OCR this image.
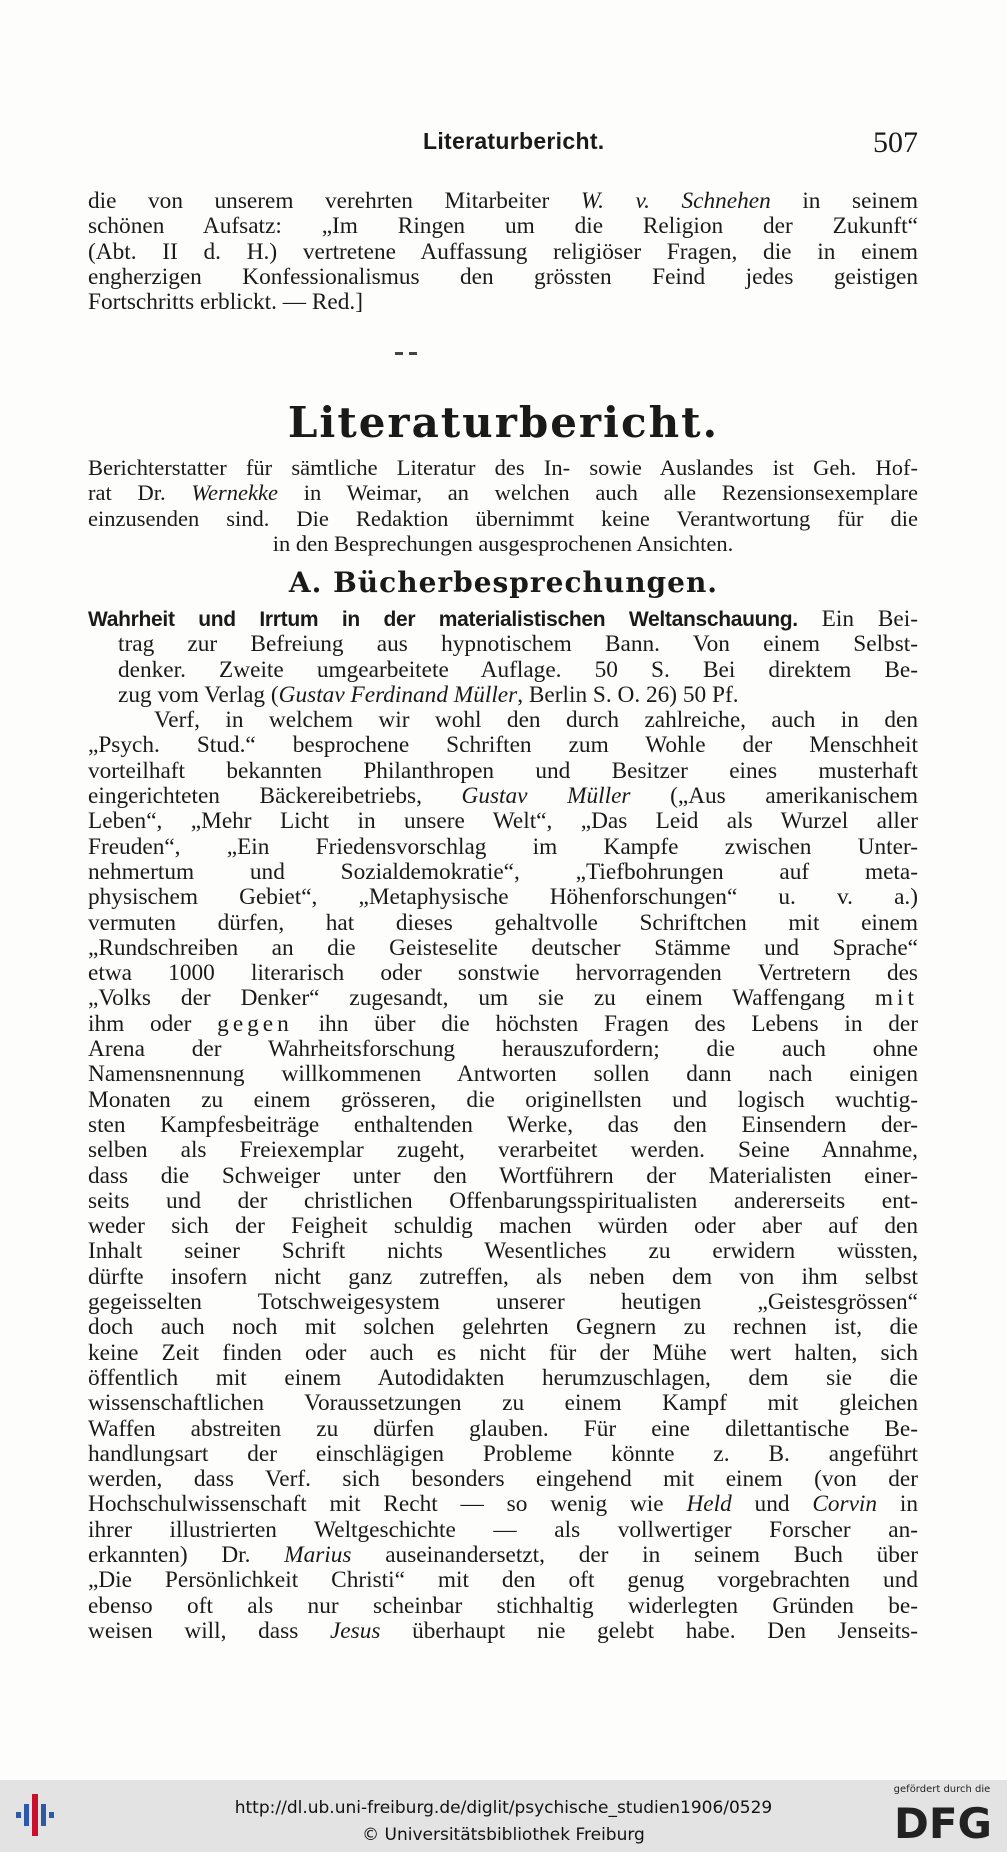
Literaturbericht.	507
die von unserem verehrten Mitarbeiter W. v. Schnehen in seinem
schönen Aufsatz: „Im Ringen um die Religion der Zukunft“
(Abt. II d. H.) vertretene Auffassung religiöser Fragen, die in einem
engherzigen Konfessionalismus den grössten Feind jedes geistigen
Fortschritts erblickt. — Red.]
Literaturbericht.
Berichterstatter für sämtliche Literatur des In- sowie Auslandes ist Geh. Hof-
rat Dr. Wernekke in Weimar, an welchen auch alle Rezensionsexemplare
einzusenden sind. Die Redaktion übernimmt keine Verantwortung für die
in den Besprechungen ausgesprochenen Ansichten.
A. Bücherbesprechungen.
Wahrheit und Irrtum in der materialistischen Weltanschauung. Ein Bei-
trag zur Befreiung aus hypnotischem Bann. Von einem Selbst-
denker. Zweite umgearbeitete Auflage. 50 S. Bei direktem Be-
zug vom Verlag (Gustav Ferdinand Müller, Berlin S. O. 26) 50 Pf.
Verf, in welchem wir wohl den durch zahlreiche, auch in den
„Psych. Stud.“ besprochene Schriften zum Wohle der Menschheit
vorteilhaft bekannten Philanthropen und Besitzer eines musterhaft
eingerichteten Bäckereibetriebs, Gustav Müller („Aus amerikanischem
Leben“, „Mehr Licht in unsere Welt“, „Das Leid als Wurzel aller
Freuden“, „Ein Friedensvorschlag im Kampfe zwischen Unter-
nehmertum und Sozialdemokratie“, „Tiefbohrungen auf meta-
physischem Gebiet“, „Metaphysische Höhenforschungen“ u. v. a.)
vermuten dürfen, hat dieses gehaltvolle Schriftchen mit einem
„Rundschreiben an die Geisteselite deutscher Stämme und Sprache“
etwa 1000 literarisch oder sonstwie hervorragenden Vertretern des
„Volks der Denker“ zugesandt, um sie zu einem Waffengang mit
ihm oder gegen ihn über die höchsten Fragen des Lebens in der
Arena der Wahrheitsforschung herauszufordern; die auch ohne
Namensnennung willkommenen Antworten sollen dann nach einigen
Monaten zu einem grösseren, die originellsten und logisch wuchtig-
sten Kampfesbeiträge enthaltenden Werke, das den Einsendern der-
selben als Freiexemplar zugeht, verarbeitet werden. Seine Annahme,
dass die Schweiger unter den Wortführern der Materialisten einer-
seits und der christlichen Offenbarungsspiritualisten andererseits ent-
weder sich der Feigheit schuldig machen würden oder aber auf den
Inhalt seiner Schrift nichts Wesentliches zu erwidern wüssten,
dürfte insofern nicht ganz zutreffen, als neben dem von ihm selbst
gegeisselten Totschweigesystem unserer heutigen „Geistesgrössen“
doch auch noch mit solchen gelehrten Gegnern zu rechnen ist, die
keine Zeit finden oder auch es nicht für der Mühe wert halten, sich
öffentlich mit einem Autodidakten herumzuschlagen, dem sie die
wissenschaftlichen Voraussetzungen zu einem Kampf mit gleichen
Waffen abstreiten zu dürfen glauben. Für eine dilettantische Be-
handlungsart der einschlägigen Probleme könnte z. B. angeführt
werden, dass Verf. sich besonders eingehend mit einem (von der
Hochschulwissenschaft mit Recht — so wenig wie Held und Corvin in
ihrer illustrierten Weltgeschichte — als vollwertiger Forscher an-
erkannten) Dr. Marius auseinandersetzt, der in seinem Buch über
„Die Persönlichkeit Christi“ mit den oft genug vorgebrachten und
ebenso oft als nur scheinbar stichhaltig widerlegten Gründen be-
weisen will, dass Jesus überhaupt nie gelebt habe. Den Jenseits-
http://dl.ub.uni-freiburg.de/diglit/psychische_studien1906/0529
© Universitätsbibliothek Freiburg
gefördert durch die
DFG
